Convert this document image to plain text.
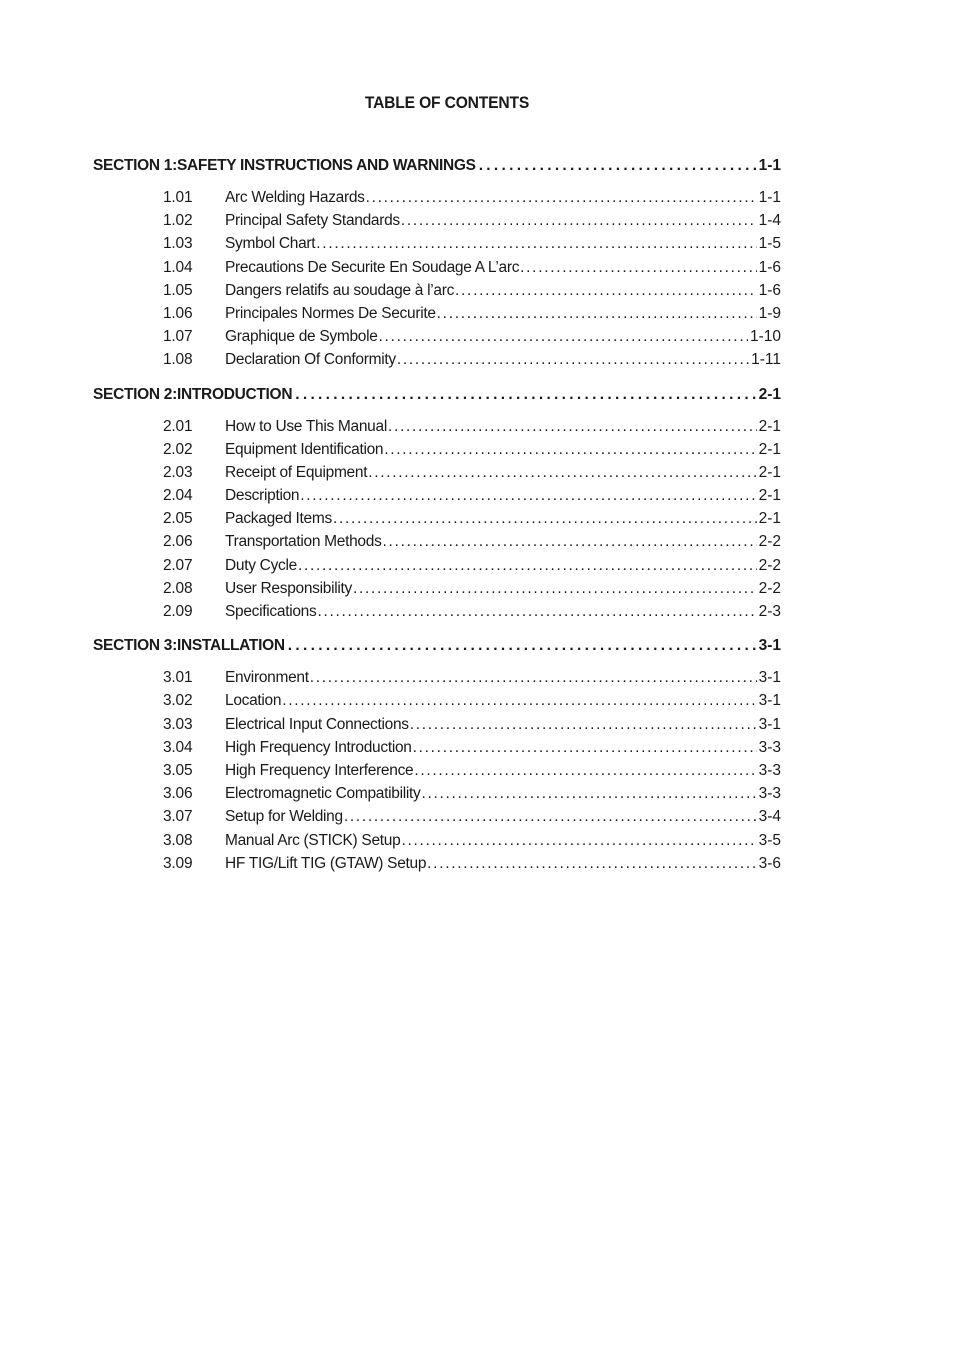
TABLE OF CONTENTS
SECTION 1:SAFETY INSTRUCTIONS AND WARNINGS . . .	1-1
1.01	Arc Welding Hazards . . .	1-1
1.02	Principal Safety Standards . . .	1-4
1.03	Symbol Chart . . .	1-5
1.04	Precautions De Securite En Soudage A L’arc . . .	1-6
1.05	Dangers relatifs au soudage à l’arc . . .	1-6
1.06	Principales Normes De Securite . . .	1-9
1.07	Graphique de Symbole . . .	1-10
1.08	Declaration Of Conformity . . .	1-11
SECTION 2:INTRODUCTION . . .	2-1
2.01	How to Use This Manual . . .	2-1
2.02	Equipment Identification . . .	2-1
2.03	Receipt of Equipment . . .	2-1
2.04	Description . . .	2-1
2.05	Packaged Items . . .	2-1
2.06	Transportation Methods . . .	2-2
2.07	Duty Cycle . . .	2-2
2.08	User Responsibility . . .	2-2
2.09	Specifications . . .	2-3
SECTION 3:INSTALLATION . . .	3-1
3.01	Environment . . .	3-1
3.02	Location . . .	3-1
3.03	Electrical Input Connections . . .	3-1
3.04	High Frequency Introduction . . .	3-3
3.05	High Frequency Interference . . .	3-3
3.06	Electromagnetic Compatibility . . .	3-3
3.07	Setup for Welding . . .	3-4
3.08	Manual Arc (STICK) Setup . . .	3-5
3.09	HF TIG/Lift TIG (GTAW) Setup . . .	3-6
